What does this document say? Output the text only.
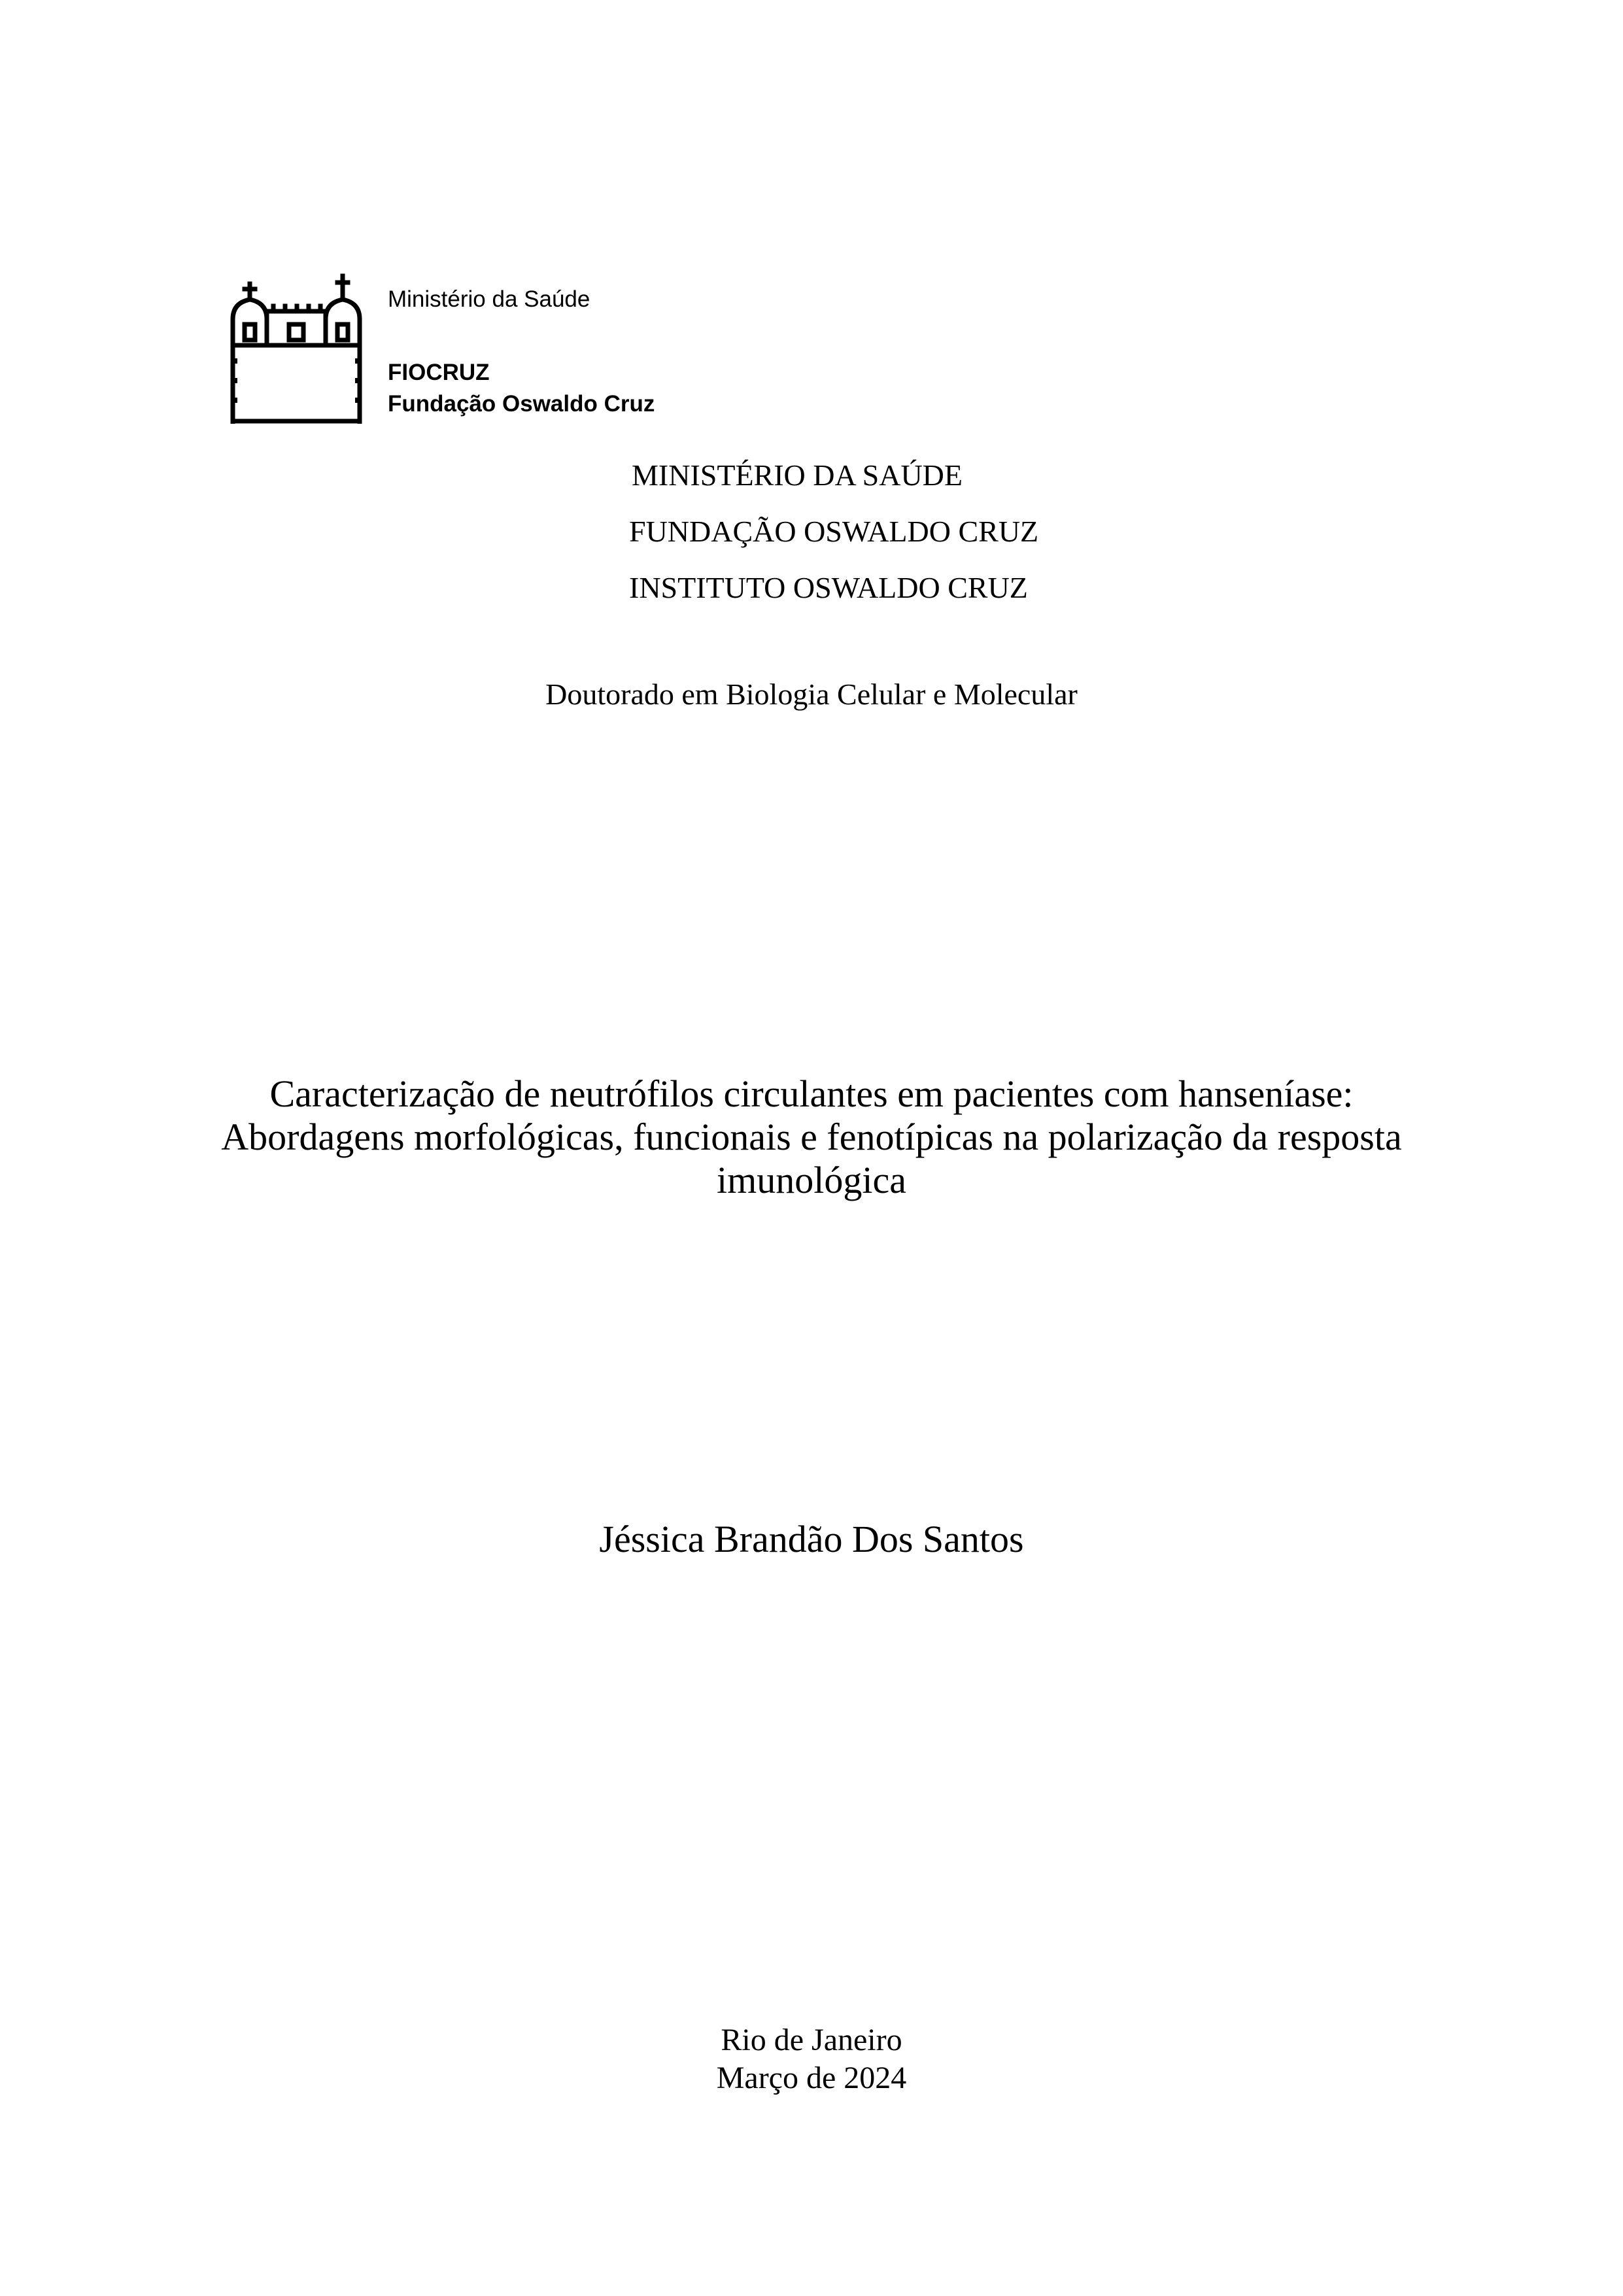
Ministério da Saúde
FIOCRUZ
Fundação Oswaldo Cruz
MINISTÉRIO DA SAÚDE
FUNDAÇÃO OSWALDO CRUZ
INSTITUTO OSWALDO CRUZ
Doutorado em Biologia Celular e Molecular
Caracterização de neutrófilos circulantes em pacientes com hanseníase:
Abordagens morfológicas, funcionais e fenotípicas na polarização da resposta
imunológica
Jéssica Brandão Dos Santos
Rio de Janeiro
Março de 2024
